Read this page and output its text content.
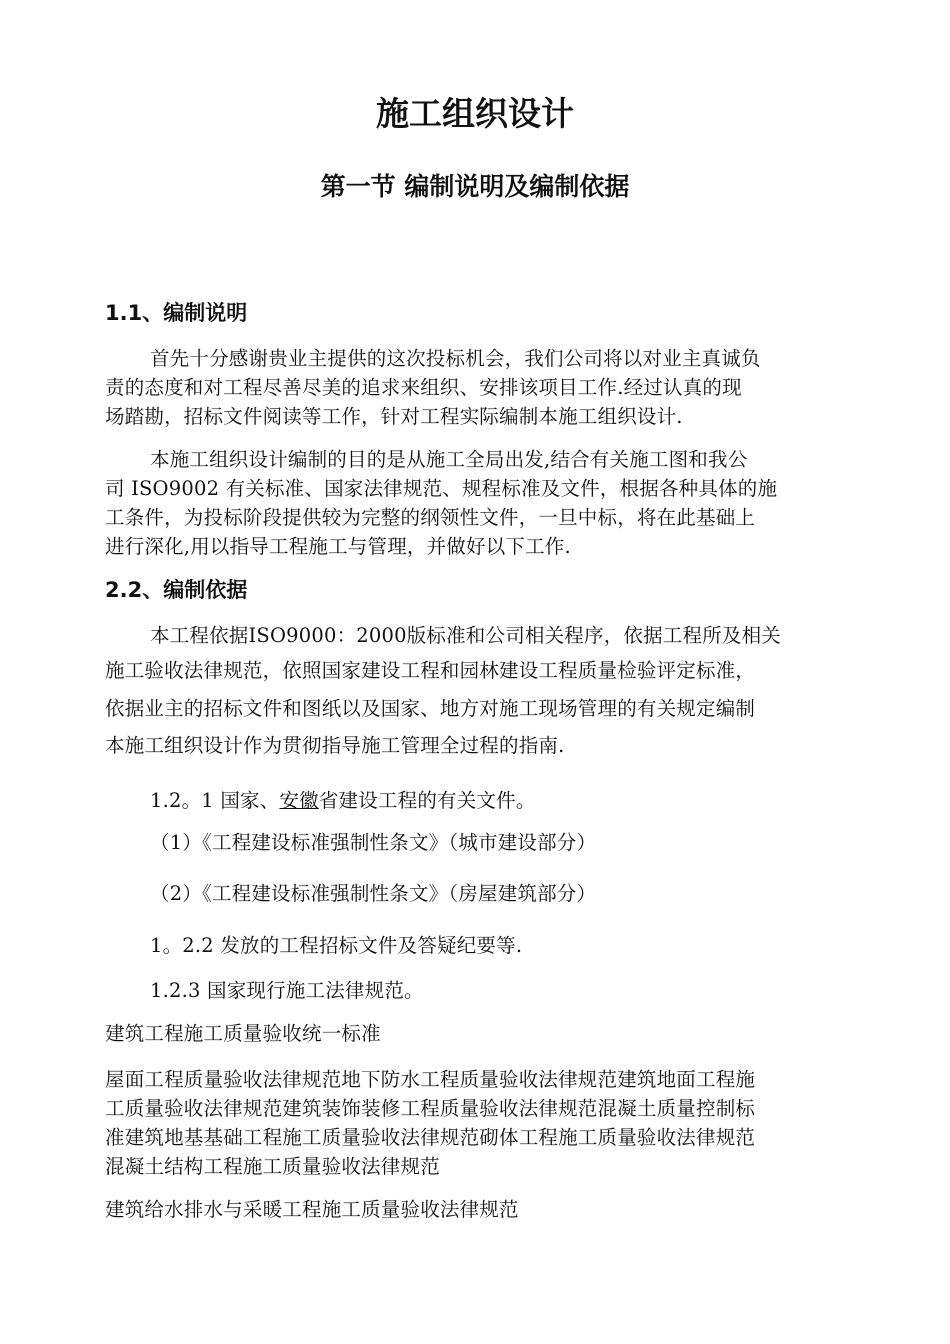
施工组织设计
第一节 编制说明及编制依据
1.1、编制说明
首先十分感谢贵业主提供的这次投标机会，我们公司将以对业主真诚负
责的态度和对工程尽善尽美的追求来组织、安排该项目工作.经过认真的现
场踏勘，招标文件阅读等工作，针对工程实际编制本施工组织设计.
本施工组织设计编制的目的是从施工全局出发,结合有关施工图和我公
司 ISO9002 有关标准、国家法律规范、规程标准及文件，根据各种具体的施
工条件，为投标阶段提供较为完整的纲领性文件，一旦中标，将在此基础上
进行深化,用以指导工程施工与管理，并做好以下工作.
2.2、编制依据
本工程依据ISO9000：2000版标准和公司相关程序，依据工程所及相关
施工验收法律规范，依照国家建设工程和园林建设工程质量检验评定标准，
依据业主的招标文件和图纸以及国家、地方对施工现场管理的有关规定编制
本施工组织设计作为贯彻指导施工管理全过程的指南.
1.2。1 国家、安徽省建设工程的有关文件。
（1）《工程建设标准强制性条文》（城市建设部分）
（2）《工程建设标准强制性条文》（房屋建筑部分）
1。2.2 发放的工程招标文件及答疑纪要等.
1.2.3 国家现行施工法律规范。
建筑工程施工质量验收统一标准
屋面工程质量验收法律规范地下防水工程质量验收法律规范建筑地面工程施
工质量验收法律规范建筑装饰装修工程质量验收法律规范混凝土质量控制标
准建筑地基基础工程施工质量验收法律规范砌体工程施工质量验收法律规范
混凝土结构工程施工质量验收法律规范
建筑给水排水与采暖工程施工质量验收法律规范
